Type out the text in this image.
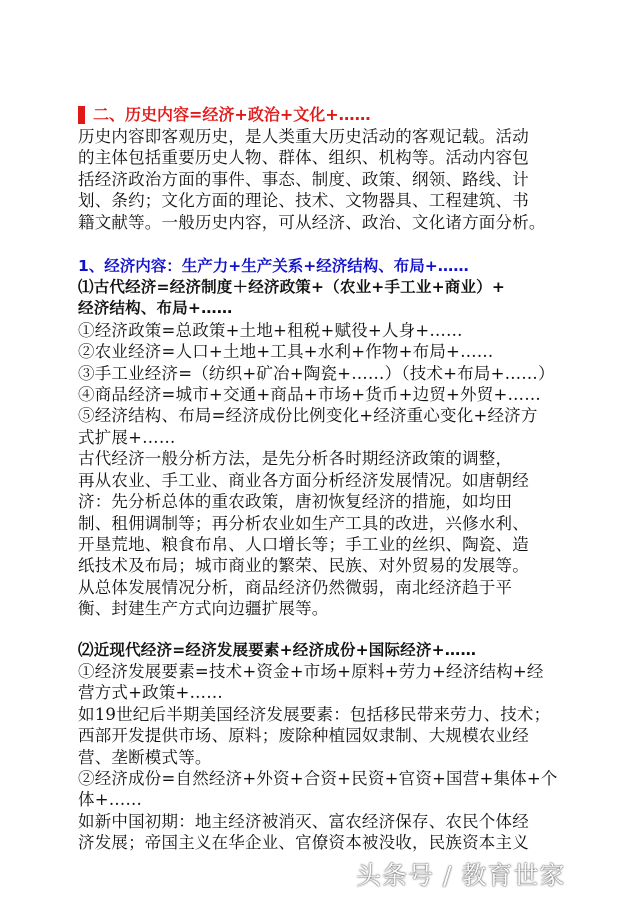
二、历史内容=经济+政治+文化+……
历史内容即客观历史，是人类重大历史活动的客观记载。活动
的主体包括重要历史人物、群体、组织、机构等。活动内容包
括经济政治方面的事件、事态、制度、政策、纲领、路线、计
划、条约；文化方面的理论、技术、文物器具、工程建筑、书
籍文献等。一般历史内容，可从经济、政治、文化诸方面分析。
1、经济内容：生产力+生产关系+经济结构、布局+……
⑴古代经济=经济制度＋经济政策+（农业+手工业+商业）+
经济结构、布局+……
①经济政策=总政策+土地+租税+赋役+人身+……
②农业经济=人口+土地+工具+水利+作物+布局+……
③手工业经济=（纺织+矿冶+陶瓷+……）（技术+布局+……）
④商品经济=城市+交通+商品+市场+货币+边贸+外贸+……
⑤经济结构、布局=经济成份比例变化+经济重心变化+经济方
式扩展+……
古代经济一般分析方法，是先分析各时期经济政策的调整，
再从农业、手工业、商业各方面分析经济发展情况。如唐朝经
济：先分析总体的重农政策，唐初恢复经济的措施，如均田
制、租佣调制等；再分析农业如生产工具的改进，兴修水利、
开垦荒地、粮食布帛、人口增长等；手工业的丝织、陶瓷、造
纸技术及布局；城市商业的繁荣、民族、对外贸易的发展等。
从总体发展情况分析，商品经济仍然微弱，南北经济趋于平
衡、封建生产方式向边疆扩展等。
⑵近现代经济=经济发展要素+经济成份+国际经济+……
①经济发展要素=技术+资金+市场+原料+劳力+经济结构+经
营方式+政策+……
如19世纪后半期美国经济发展要素：包括移民带来劳力、技术；
西部开发提供市场、原料；废除种植园奴隶制、大规模农业经
营、垄断模式等。
②经济成份=自然经济+外资+合资+民资+官资+国营+集体+个
体+……
如新中国初期：地主经济被消灭、富农经济保存、农民个体经
济发展；帝国主义在华企业、官僚资本被没收，民族资本主义
头条号 / 教育世家
